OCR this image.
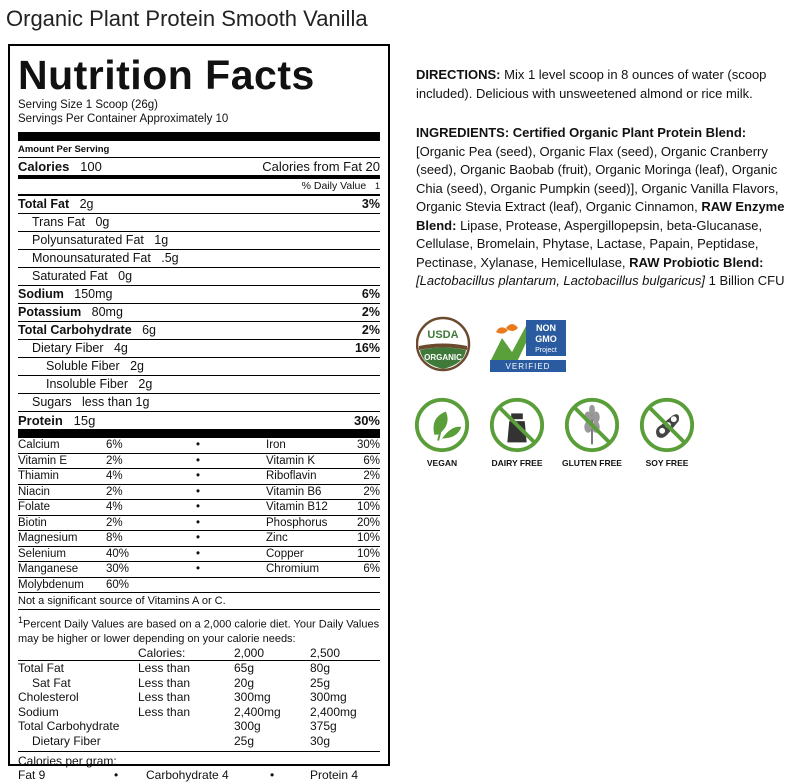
Organic Plant Protein Smooth Vanilla
Nutrition Facts
Serving Size 1 Scoop (26g)
Servings Per Container Approximately 10
Amount Per Serving
Calories 100	Calories from Fat 20
% Daily Value
1
Total Fat 2g	3%
Trans Fat 0g
Polyunsaturated Fat 1g
Monounsaturated Fat .5g
Saturated Fat 0g
Sodium 150mg	6%
Potassium 80mg	2%
Total Carbohydrate 6g	2%
Dietary Fiber 4g	16%
Soluble Fiber 2g
Insoluble Fiber 2g
Sugars less than 1g
Protein 15g	30%
Calcium	6%	•	Iron	30%
Vitamin E	2%	•	Vitamin K	6%
Thiamin	4%	•	Riboflavin	2%
Niacin	2%	•	Vitamin B6	2%
Folate	4%	•	Vitamin B12	10%
Biotin	2%	•	Phosphorus	20%
Magnesium	8%	•	Zinc	10%
Selenium	40%	•	Copper	10%
Manganese	30%	•	Chromium	6%
Molybdenum	60%			
Not a significant source of Vitamins A or C.
$^1$Percent Daily Values are based on a 2,000 calorie diet. Your Daily Values may be higher or lower depending on your calorie needs:
	Calories:	2,000	2,500
Total Fat	Less than	65g	80g
Sat Fat	Less than	20g	25g
Cholesterol	Less than	300mg	300mg
Sodium	Less than	2,400mg	2,400mg
Total Carbohydrate		300g	375g
Dietary Fiber		25g	30g
Calories per gram:
Fat 9	•	Carbohydrate 4	•	Protein 4

DIRECTIONS: Mix 1 level scoop in 8 ounces of water (scoop included). Delicious with unsweetened almond or rice milk.

INGREDIENTS: Certified Organic Plant Protein Blend: [Organic Pea (seed), Organic Flax (seed), Organic Cranberry (seed), Organic Baobab (fruit), Organic Moringa (leaf), Organic Chia (seed), Organic Pumpkin (seed)], Organic Vanilla Flavors, Organic Stevia Extract (leaf), Organic Cinnamon, RAW Enzyme Blend: Lipase, Protease, Aspergillopepsin, beta-Glucanase, Cellulase, Bromelain, Phytase, Lactase, Papain, Peptidase, Pectinase, Xylanase, Hemicellulase, RAW Probiotic Blend: [Lactobacillus plantarum, Lactobacillus bulgaricus] 1 Billion CFU

USDA
ORGANIC
NON
GMO
Project
VERIFIED
VEGAN	DAIRY FREE GLUTEN FREE	SOY FREE
